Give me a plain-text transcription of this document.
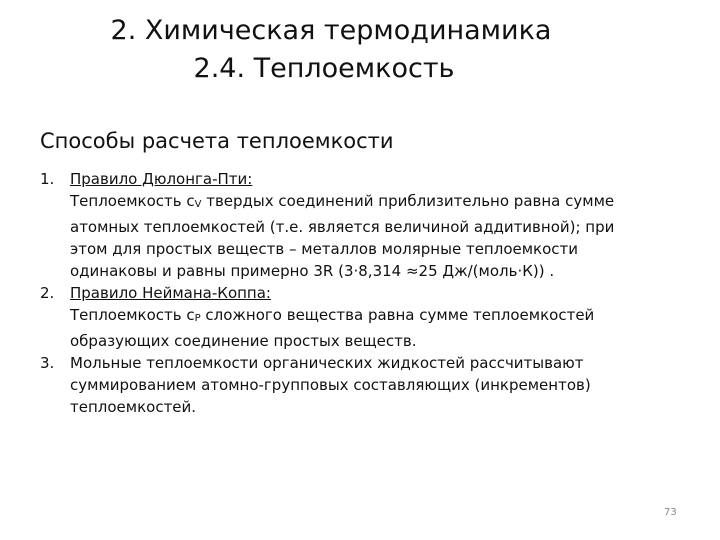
2. Химическая термодинамика
2.4. Теплоемкость
Способы расчета теплоемкости
1.	Правило Дюлонга-Пти:
Теплоемкость cV твердых соединений приблизительно равна сумме
атомных теплоемкостей (т.е. является величиной аддитивной); при
этом для простых веществ – металлов молярные теплоемкости
одинаковы и равны примерно 3R (3·8,314 ≈25 Дж/(моль·К)) .
2.	Правило Неймана-Коппа:
Теплоемкость cP сложного вещества равна сумме теплоемкостей
образующих соединение простых веществ.
3.	Мольные теплоемкости органических жидкостей рассчитывают
суммированием атомно-групповых составляющих (инкрементов)
теплоемкостей.
73
